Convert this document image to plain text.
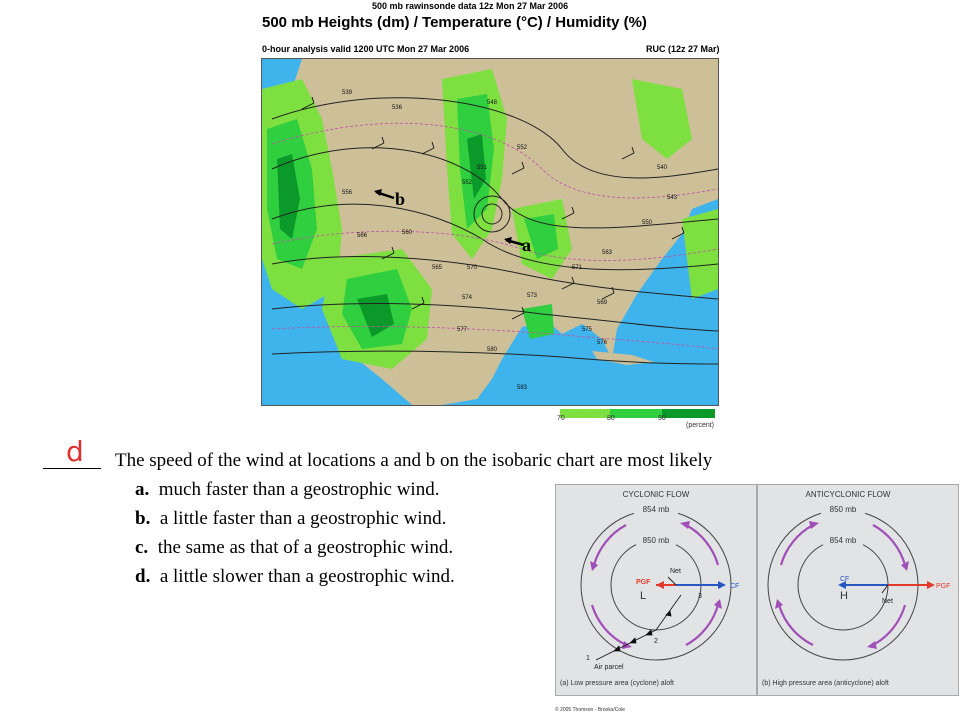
500 mb rawinsonde data 12z Mon 27 Mar 2006
500 mb Heights (dm) / Temperature (°C) / Humidity (%)
0-hour analysis valid 1200 UTC Mon 27 Mar 2006	RUC (12z 27 Mar)
539
536
548
552
551
552
556
560
566
565	570
574	573
577	575
580
583
540
543
550
563
571
569
576
b
a
70	80	90
(percent)
d The speed of the wind at locations a and b on the isobaric chart are most likely
a. much faster than a geostrophic wind.
b. a little faster than a geostrophic wind.
c. the same as that of a geostrophic wind.
d. a little slower than a geostrophic wind.
CYCLONIC FLOW
854 mb
850 mb
PGF
CF
Net
L
1
2
3
Air parcel
(a) Low pressure area (cyclone) aloft
ANTICYCLONIC FLOW
850 mb
854 mb
CF
PGF
Net
H
(b) High pressure area (anticyclone) aloft
© 2005 Thomson - Brooks/Cole
